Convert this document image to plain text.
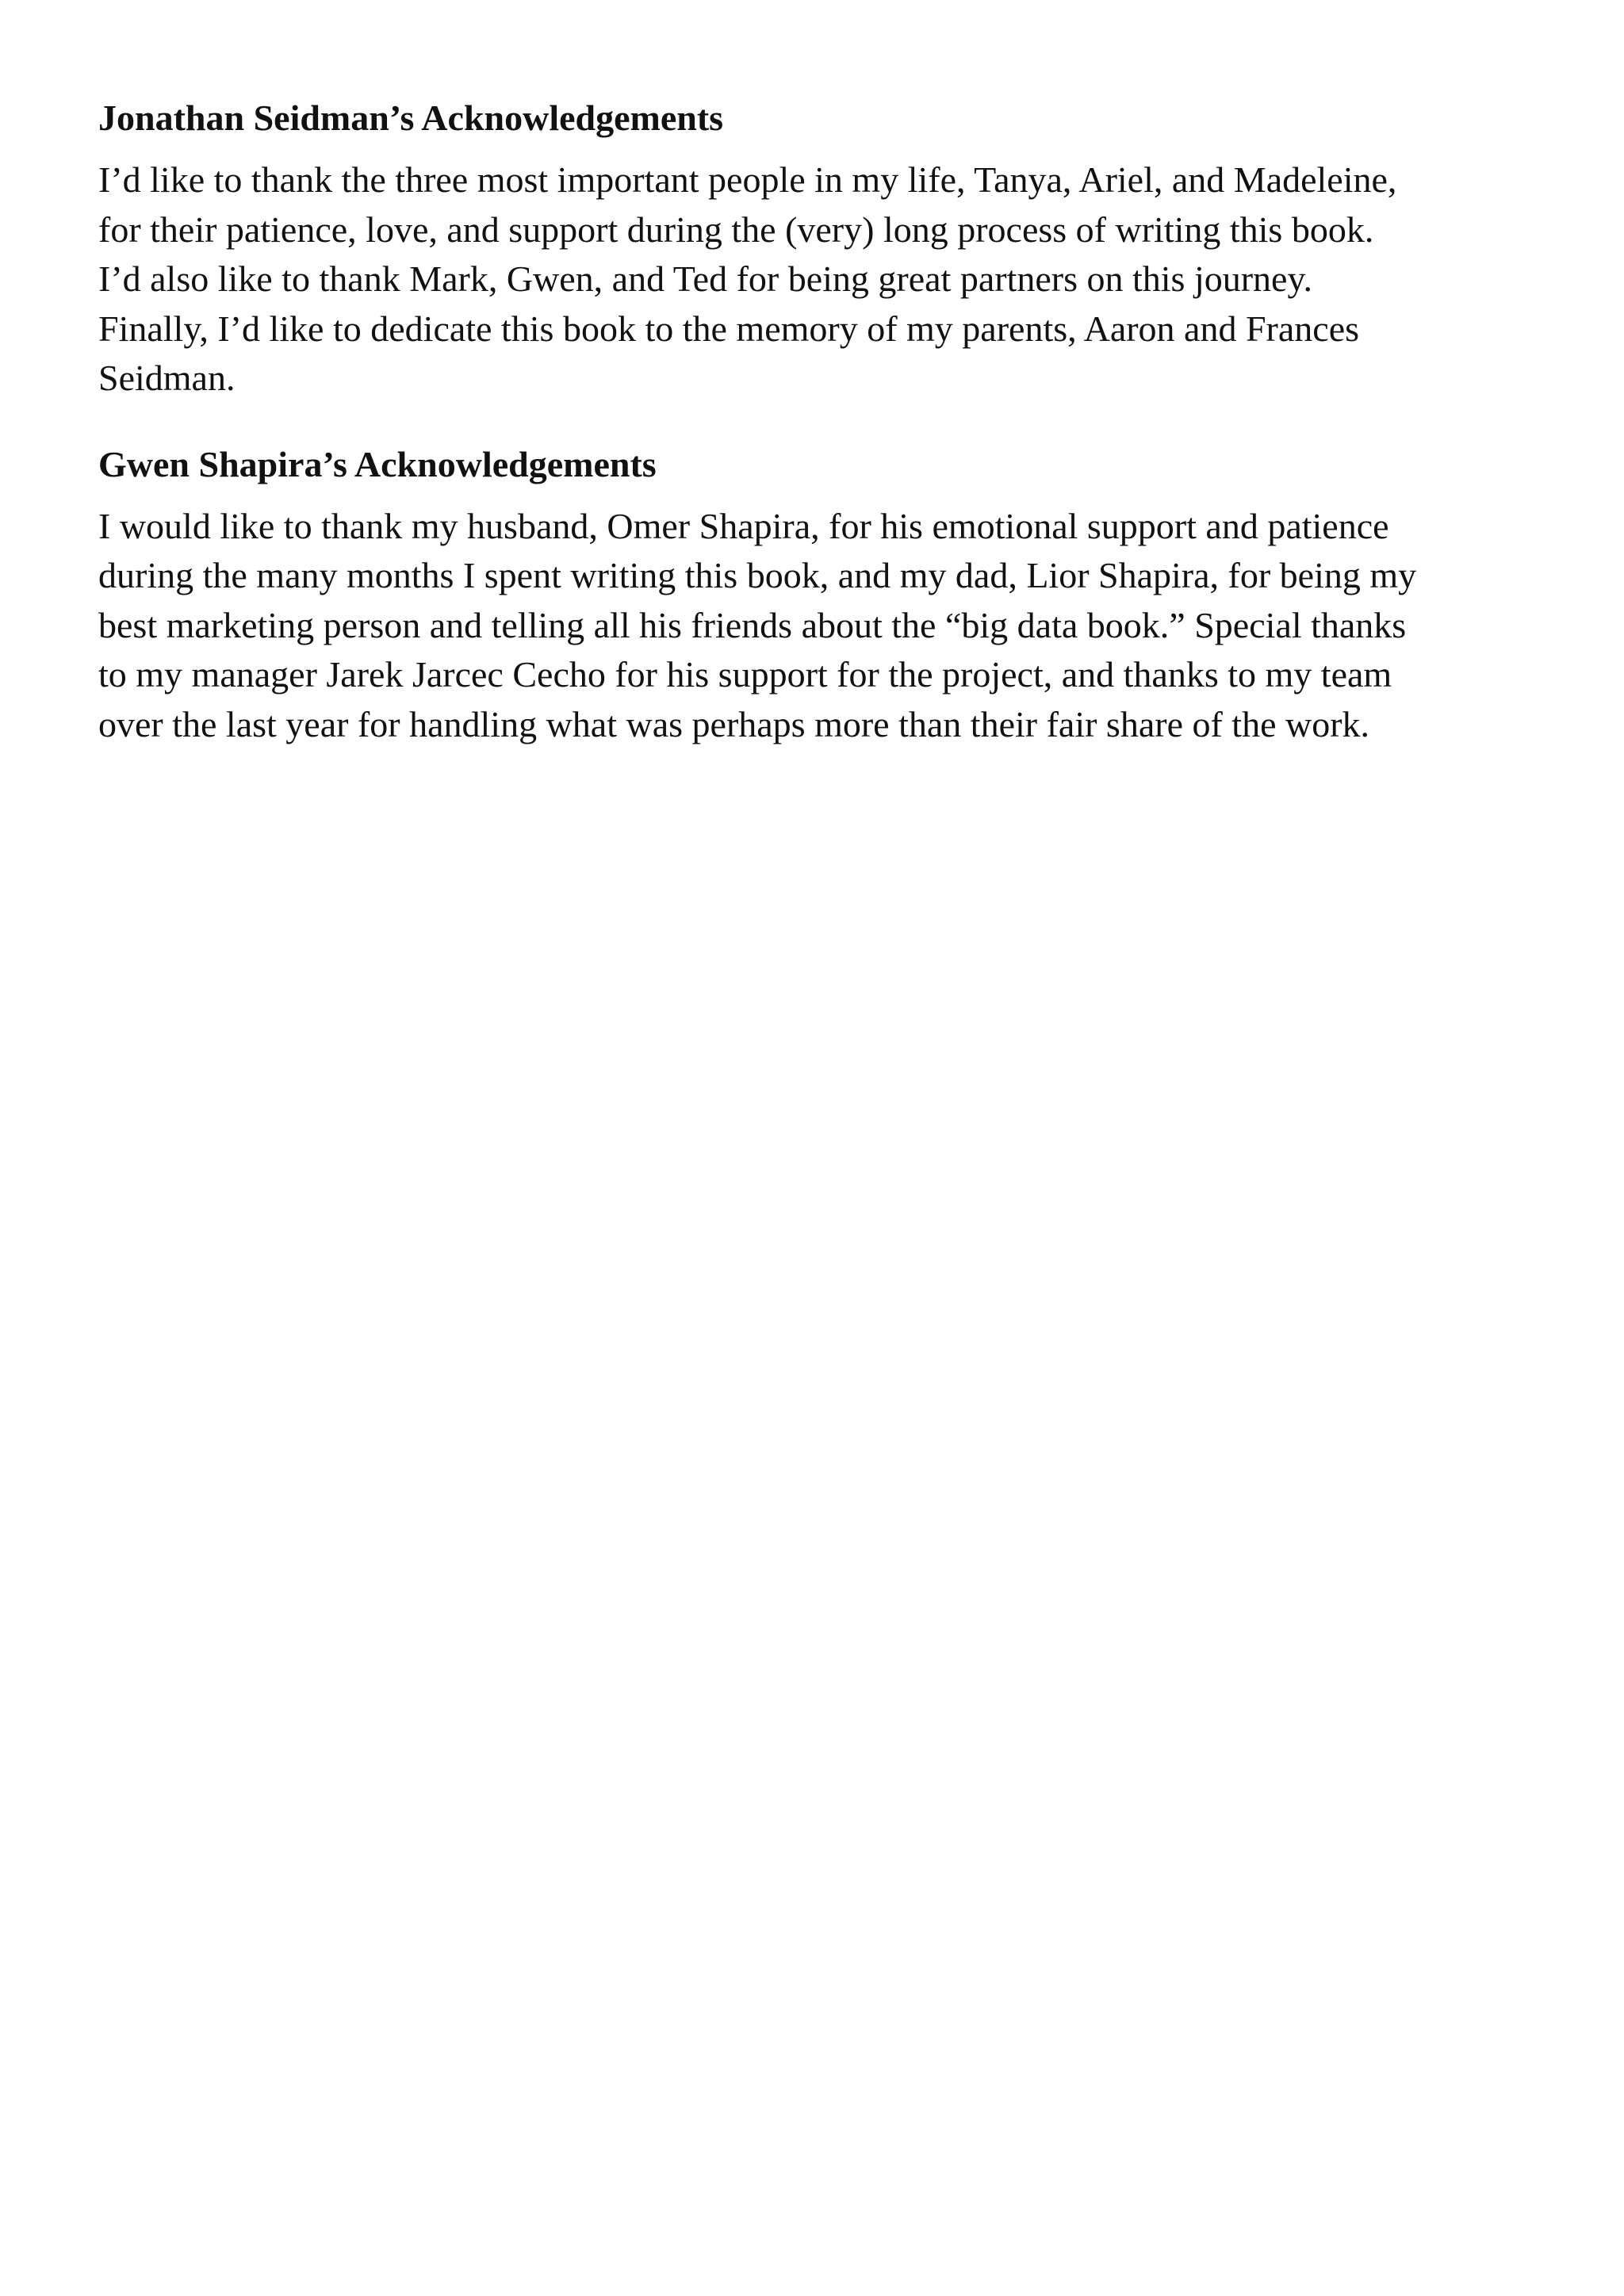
Jonathan Seidman’s Acknowledgements

I’d like to thank the three most important people in my life, Tanya, Ariel, and Madeleine,
for their patience, love, and support during the (very) long process of writing this book.
I’d also like to thank Mark, Gwen, and Ted for being great partners on this journey.
Finally, I’d like to dedicate this book to the memory of my parents, Aaron and Frances
Seidman.

Gwen Shapira’s Acknowledgements

I would like to thank my husband, Omer Shapira, for his emotional support and patience
during the many months I spent writing this book, and my dad, Lior Shapira, for being my
best marketing person and telling all his friends about the “big data book.” Special thanks
to my manager Jarek Jarcec Cecho for his support for the project, and thanks to my team
over the last year for handling what was perhaps more than their fair share of the work.
